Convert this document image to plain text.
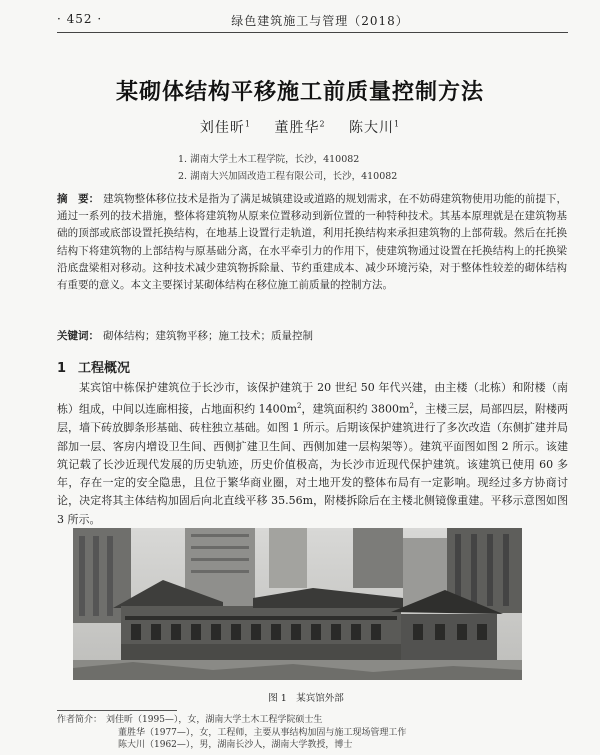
· 452 ·	绿色建筑施工与管理（2018）
某砌体结构平移施工前质量控制方法
刘佳昕$^1$ 董胜华$^2$ 陈大川$^1$
1. 湖南大学土木工程学院，长沙，410082
2. 湖南大兴加固改造工程有限公司，长沙，410082
摘　要： 建筑物整体移位技术是指为了满足城镇建设或道路的规划需求，在不妨碍建筑物使用功能的前提下，通过一系列的技术措施，整体将建筑物从原来位置移动到新位置的一种特种技术。其基本原理就是在建筑物基础的顶部或底部设置托换结构，在地基上设置行走轨道，利用托换结构来承担建筑物的上部荷载。然后在托换结构下将建筑物的上部结构与原基础分离，在水平牵引力的作用下，使建筑物通过设置在托换结构上的托换梁沿底盘梁相对移动。这种技术减少建筑物拆除量、节约重建成本、减少环境污染，对于整体性较差的砌体结构有重要的意义。本文主要探讨某砌体结构在移位施工前质量的控制方法。
关键词： 砌体结构；建筑物平移；施工技术；质量控制
1 工程概况
某宾馆中栋保护建筑位于长沙市，该保护建筑于 20 世纪 50 年代兴建，由主楼（北栋）和附楼（南栋）组成，中间以连廊相接，占地面积约 $1400m^2$，建筑面积约 $3800m^2$，主楼三层，局部四层，附楼两层，墙下砖放脚条形基础、砖柱独立基础。如图 1 所示。后期该保护建筑进行了多次改造（东侧扩建并局部加一层、客房内增设卫生间、西侧扩建卫生间、西侧加建一层构架等）。建筑平面图如图 2 所示。该建筑记载了长沙近现代发展的历史轨迹，历史价值极高，为长沙市近现代保护建筑。该建筑已使用 60 多年，存在一定的安全隐患，且位于繁华商业圈，对土地开发的整体布局有一定影响。现经过多方协商讨论，决定将其主体结构加固后向北直线平移 35.56m，附楼拆除后在主楼北侧镜像重建。平移示意图如图 3 所示。
图 1　某宾馆外部
作者简介： 刘佳昕（1995—），女，湖南大学土木工程学院硕士生
董胜华（1977—），女，工程师，主要从事结构加固与施工现场管理工作
陈大川（1962—），男，湖南长沙人，湖南大学教授，博士
